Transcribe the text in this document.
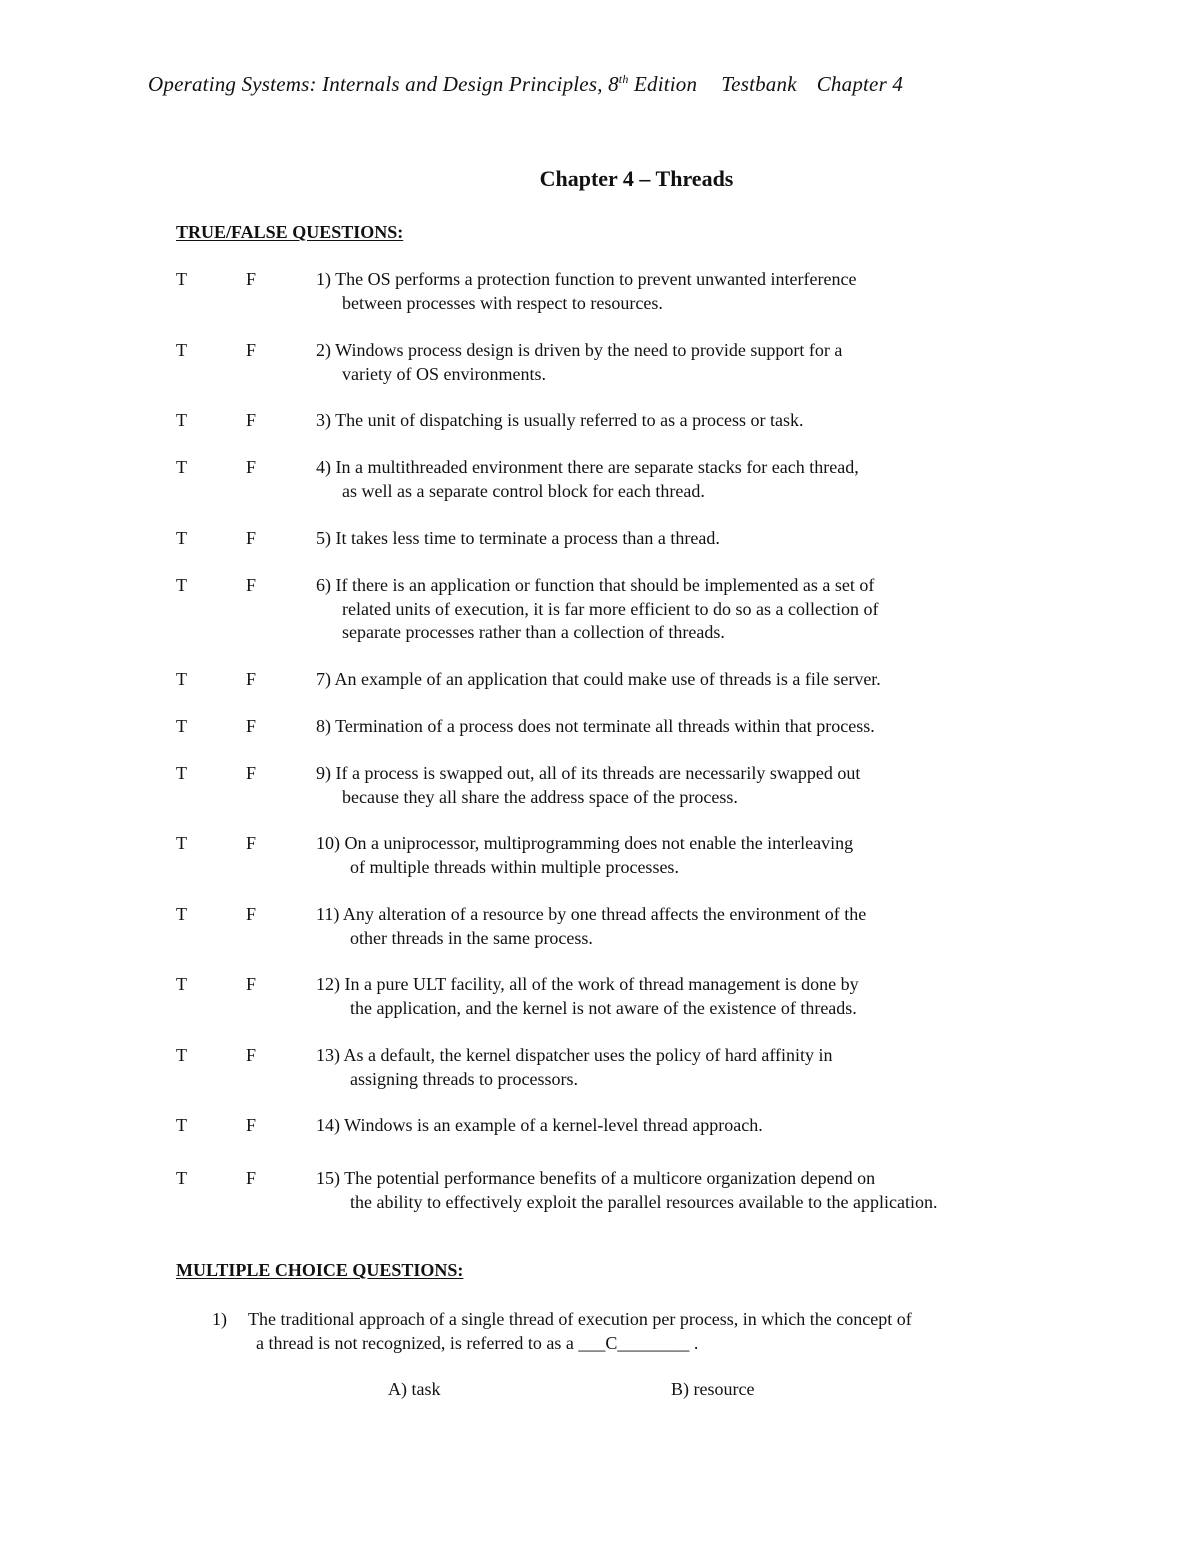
Operating Systems: Internals and Design Principles, 8th Edition Testbank Chapter 4
Chapter 4 – Threads
TRUE/FALSE QUESTIONS:
T	F	1) The OS performs a protection function to prevent unwanted interference
between processes with respect to resources.
T	F	2) Windows process design is driven by the need to provide support for a
variety of OS environments.
T	F	3) The unit of dispatching is usually referred to as a process or task.
T	F	4) In a multithreaded environment there are separate stacks for each thread,
as well as a separate control block for each thread.
T	F	5) It takes less time to terminate a process than a thread.
T	F	6) If there is an application or function that should be implemented as a set of
related units of execution, it is far more efficient to do so as a collection of
separate processes rather than a collection of threads.
T	F	7) An example of an application that could make use of threads is a file server.
T	F	8) Termination of a process does not terminate all threads within that process.
T	F	9) If a process is swapped out, all of its threads are necessarily swapped out
because they all share the address space of the process.
T	F	10) On a uniprocessor, multiprogramming does not enable the interleaving
of multiple threads within multiple processes.
T	F	11) Any alteration of a resource by one thread affects the environment of the
other threads in the same process.
T	F	12) In a pure ULT facility, all of the work of thread management is done by
the application, and the kernel is not aware of the existence of threads.
T	F	13) As a default, the kernel dispatcher uses the policy of hard affinity in
assigning threads to processors.
T	F	14) Windows is an example of a kernel-level thread approach.
T	F	15) The potential performance benefits of a multicore organization depend on
the ability to effectively exploit the parallel resources available to the application.
MULTIPLE CHOICE QUESTIONS:
1) The traditional approach of a single thread of execution per process, in which the concept of
a thread is not recognized, is referred to as a ___C________ .
A) task	B) resource
